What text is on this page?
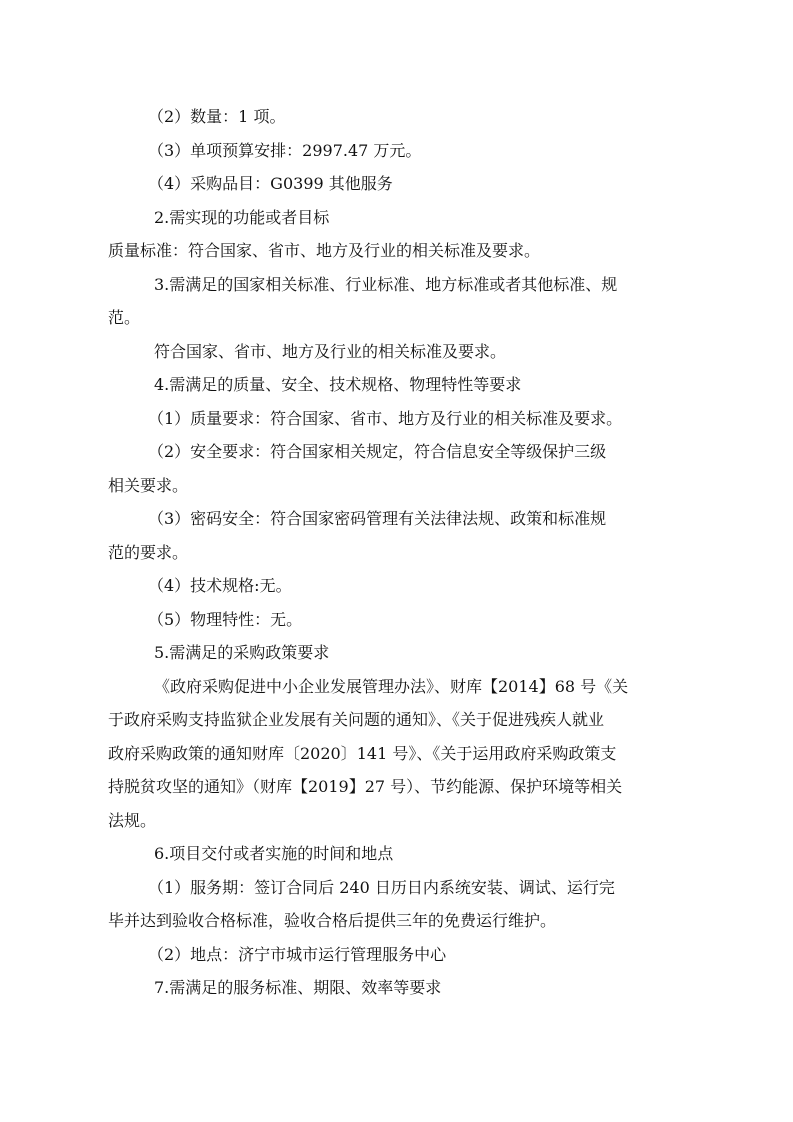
（2）数量：1 项。
（3）单项预算安排：2997.47 万元。
（4）采购品目：G0399 其他服务
2.需实现的功能或者目标
质量标准：符合国家、省市、地方及行业的相关标准及要求。
3.需满足的国家相关标准、行业标准、地方标准或者其他标准、规
范。
符合国家、省市、地方及行业的相关标准及要求。
4.需满足的质量、安全、技术规格、物理特性等要求
（1）质量要求：符合国家、省市、地方及行业的相关标准及要求。
（2）安全要求：符合国家相关规定，符合信息安全等级保护三级
相关要求。
（3）密码安全：符合国家密码管理有关法律法规、政策和标准规
范的要求。
（4）技术规格:无。
（5）物理特性：无。
5.需满足的采购政策要求
《政府采购促进中小企业发展管理办法》、财库【2014】68 号《关
于政府采购支持监狱企业发展有关问题的通知》、《关于促进残疾人就业
政府采购政策的通知财库〔2020〕141 号》、《关于运用政府采购政策支
持脱贫攻坚的通知》（财库【2019】27 号）、节约能源、保护环境等相关
法规。
6.项目交付或者实施的时间和地点
（1）服务期：签订合同后 240 日历日内系统安装、调试、运行完
毕并达到验收合格标准，验收合格后提供三年的免费运行维护。
（2）地点：济宁市城市运行管理服务中心
7.需满足的服务标准、期限、效率等要求
